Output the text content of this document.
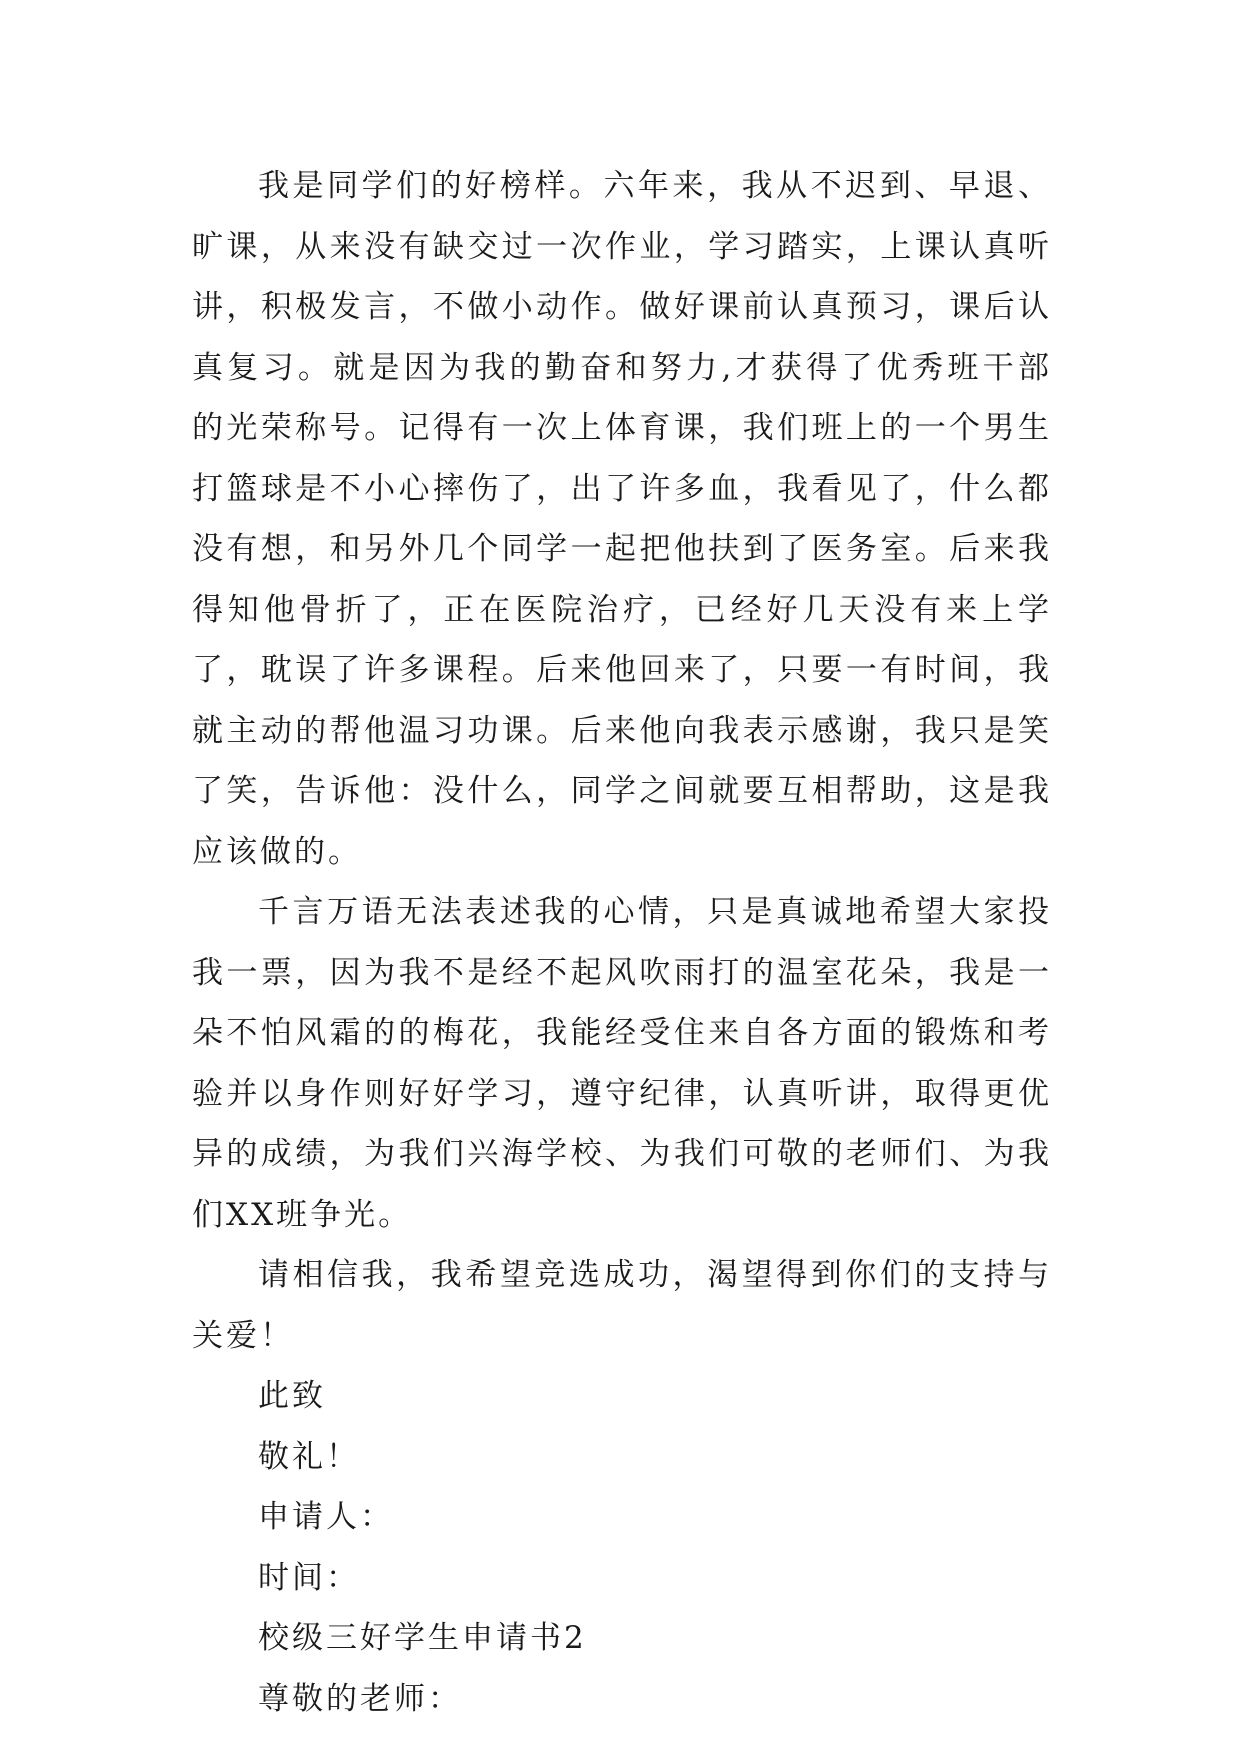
我是同学们的好榜样。六年来，我从不迟到、早退、旷课，从来没有缺交过一次作业，学习踏实，上课认真听讲，积极发言，不做小动作。做好课前认真预习，课后认真复习。就是因为我的勤奋和努力,才获得了优秀班干部的光荣称号。记得有一次上体育课，我们班上的一个男生打篮球是不小心摔伤了，出了许多血，我看见了，什么都没有想，和另外几个同学一起把他扶到了医务室。后来我得知他骨折了，正在医院治疗，已经好几天没有来上学了，耽误了许多课程。后来他回来了，只要一有时间，我就主动的帮他温习功课。后来他向我表示感谢，我只是笑了笑，告诉他：没什么，同学之间就要互相帮助，这是我应该做的。

千言万语无法表述我的心情，只是真诚地希望大家投我一票，因为我不是经不起风吹雨打的温室花朵，我是一朵不怕风霜的的梅花，我能经受住来自各方面的锻炼和考验并以身作则好好学习，遵守纪律，认真听讲，取得更优异的成绩，为我们兴海学校、为我们可敬的老师们、为我们XX班争光。

请相信我，我希望竞选成功，渴望得到你们的支持与关爱！

此致

敬礼！

申请人：

时间：

校级三好学生申请书2

尊敬的老师：
